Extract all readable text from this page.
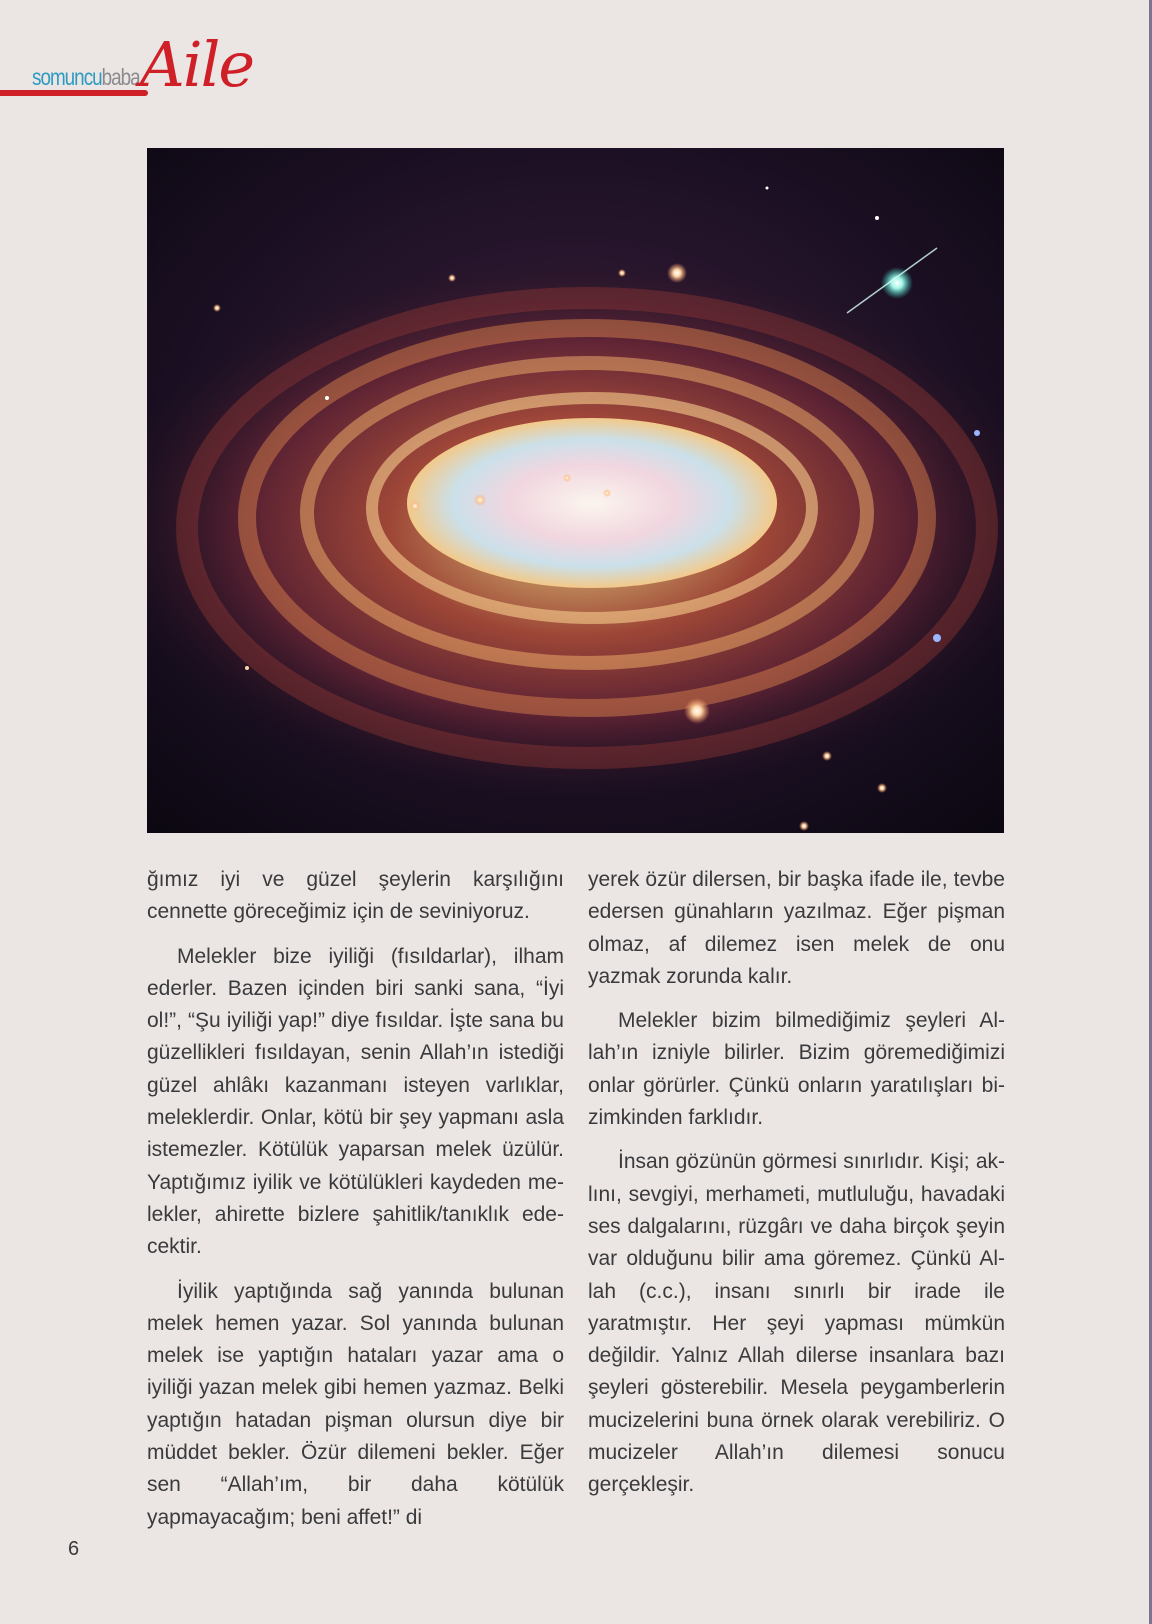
somuncubaba Aile

ğımız iyi ve güzel şeylerin karşılığını cennette göreceğimiz için de seviniyoruz.

Melekler bize iyiliği (fısıldarlar), ilham ederler. Bazen içinden biri sanki sana, “İyi ol!”, “Şu iyiliği yap!” diye fısıldar. İşte sana bu güzellikleri fısıldayan, senin Allah’ın istediği güzel ahlâkı kazanmanı isteyen varlıklar, meleklerdir. Onlar, kötü bir şey yapmanı asla istemezler. Kötülük yaparsan melek üzülür. Yaptığımız iyilik ve kötülükleri kaydeden melekler, ahirette bizlere şahitlik/tanıklık edecektir.

İyilik yaptığında sağ yanında bulunan melek hemen yazar. Sol yanında bulunan melek ise yaptığın hataları yazar ama o iyiliği yazan melek gibi hemen yazmaz. Belki yaptığın hatadan pişman olursun diye bir müddet bekler. Özür dilemeni bekler. Eğer sen “Allah’ım, bir daha kötülük yapmayacağım; beni affet!” di

yerek özür dilersen, bir başka ifade ile, tevbe edersen günahların yazılmaz. Eğer pişman olmaz, af dilemez isen melek de onu yazmak zorunda kalır.

Melekler bizim bilmediğimiz şeyleri Allah’ın izniyle bilirler. Bizim göremediğimizi onlar görürler. Çünkü onların yaratılışları bizimkinden farklıdır.

İnsan gözünün görmesi sınırlıdır. Kişi; aklını, sevgiyi, merhameti, mutluluğu, havadaki ses dalgalarını, rüzgârı ve daha birçok şeyin var olduğunu bilir ama göremez. Çünkü Allah (c.c.), insanı sınırlı bir irade ile yaratmıştır. Her şeyi yapması mümkün değildir. Yalnız Allah dilerse insanlara bazı şeyleri gösterebilir. Mesela peygamberlerin mucizelerini buna örnek olarak verebiliriz. O mucizeler Allah’ın dilemesi sonucu gerçekleşir.

6
